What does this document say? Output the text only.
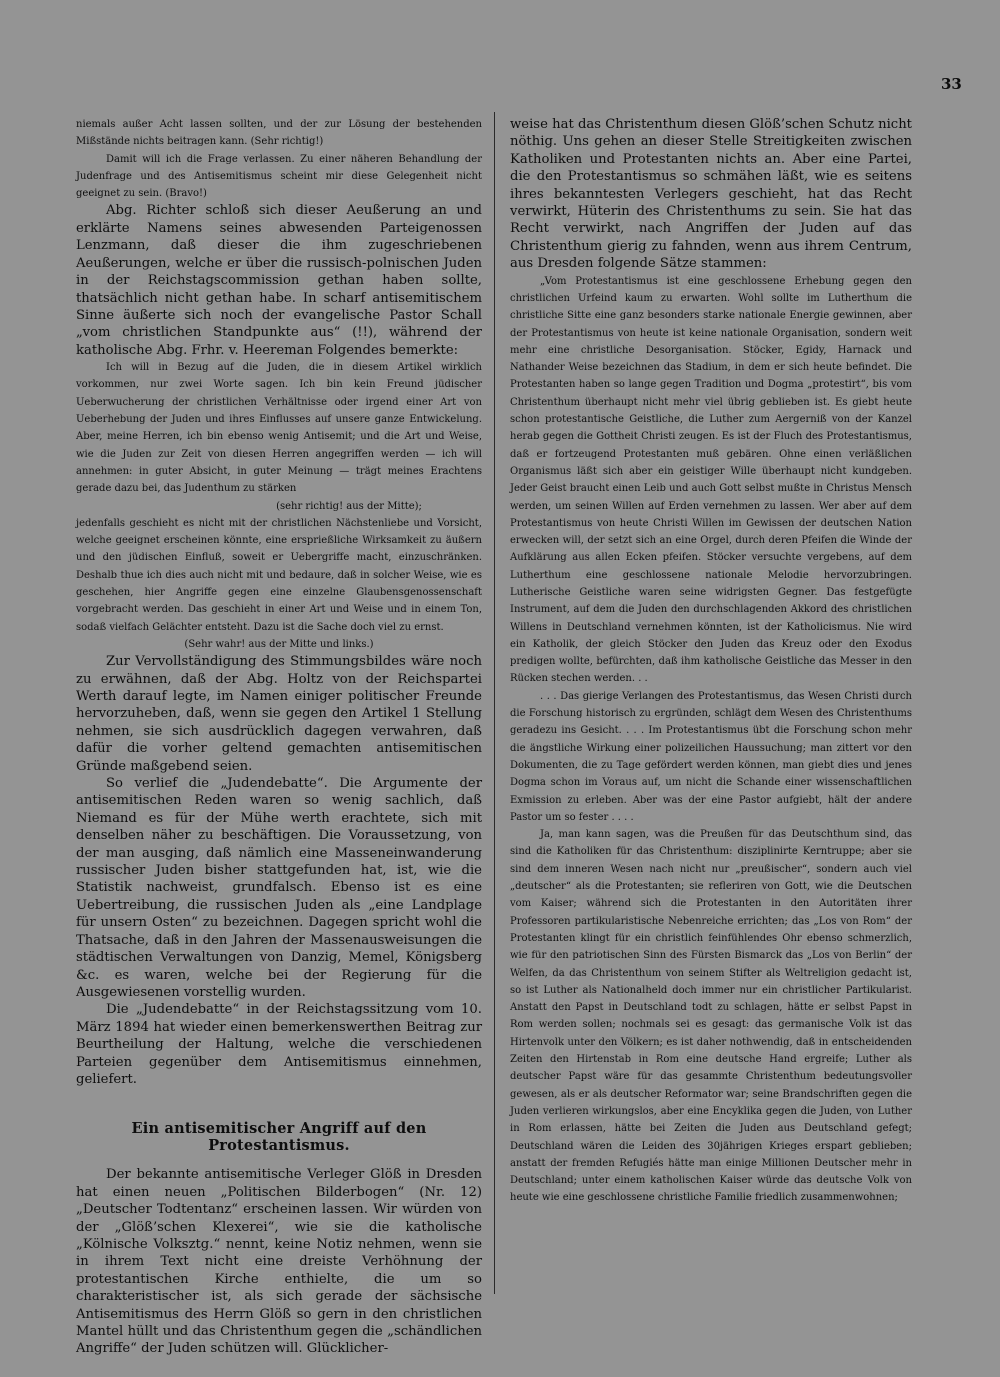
33

niemals außer Acht lassen sollten, und der zur Lösung der bestehenden Mißstände nichts beitragen kann. (Sehr richtig!)

Damit will ich die Frage verlassen. Zu einer näheren Behandlung der Judenfrage und des Antisemitismus scheint mir diese Gelegenheit nicht geeignet zu sein. (Bravo!)

Abg. Richter schloß sich dieser Aeußerung an und erklärte Namens seines abwesenden Parteigenossen Lenzmann, daß dieser die ihm zugeschriebenen Aeußerungen, welche er über die russisch-polnischen Juden in der Reichstagscommission gethan haben sollte, thatsächlich nicht gethan habe. In scharf antisemitischem Sinne äußerte sich noch der evangelische Pastor Schall „vom christlichen Standpunkte aus“ (!!), während der katholische Abg. Frhr. v. Heereman Folgendes bemerkte:

Ich will in Bezug auf die Juden, die in diesem Artikel wirklich vorkommen, nur zwei Worte sagen. Ich bin kein Freund jüdischer Ueberwucherung der christlichen Verhältnisse oder irgend einer Art von Ueberhebung der Juden und ihres Einflusses auf unsere ganze Entwickelung. Aber, meine Herren, ich bin ebenso wenig Antisemit; und die Art und Weise, wie die Juden zur Zeit von diesen Herren angegriffen werden — ich will annehmen: in guter Absicht, in guter Meinung — trägt meines Erachtens gerade dazu bei, das Judenthum zu stärken

(sehr richtig! aus der Mitte);

jedenfalls geschieht es nicht mit der christlichen Nächstenliebe und Vorsicht, welche geeignet erscheinen könnte, eine ersprießliche Wirksamkeit zu äußern und den jüdischen Einfluß, soweit er Uebergriffe macht, einzuschränken. Deshalb thue ich dies auch nicht mit und bedaure, daß in solcher Weise, wie es geschehen, hier Angriffe gegen eine einzelne Glaubensgenossenschaft vorgebracht werden. Das geschieht in einer Art und Weise und in einem Ton, sodaß vielfach Gelächter entsteht. Dazu ist die Sache doch viel zu ernst.

(Sehr wahr! aus der Mitte und links.)

Zur Vervollständigung des Stimmungsbildes wäre noch zu erwähnen, daß der Abg. Holtz von der Reichspartei Werth darauf legte, im Namen einiger politischer Freunde hervorzuheben, daß, wenn sie gegen den Artikel 1 Stellung nehmen, sie sich ausdrücklich dagegen verwahren, daß dafür die vorher geltend gemachten antisemitischen Gründe maßgebend seien.

So verlief die „Judendebatte“. Die Argumente der antisemitischen Reden waren so wenig sachlich, daß Niemand es für der Mühe werth erachtete, sich mit denselben näher zu beschäftigen. Die Voraussetzung, von der man ausging, daß nämlich eine Masseneinwanderung russischer Juden bisher stattgefunden hat, ist, wie die Statistik nachweist, grundfalsch. Ebenso ist es eine Uebertreibung, die russischen Juden als „eine Landplage für unsern Osten“ zu bezeichnen. Dagegen spricht wohl die Thatsache, daß in den Jahren der Massenausweisungen die städtischen Verwaltungen von Danzig, Memel, Königsberg &c. es waren, welche bei der Regierung für die Ausgewiesenen vorstellig wurden.

Die „Judendebatte“ in der Reichstagssitzung vom 10. März 1894 hat wieder einen bemerkenswerthen Beitrag zur Beurtheilung der Haltung, welche die verschiedenen Parteien gegenüber dem Antisemitismus einnehmen, geliefert.

Ein antisemitischer Angriff auf den Protestantismus.

Der bekannte antisemitische Verleger Glöß in Dresden hat einen neuen „Politischen Bilderbogen“ (Nr. 12) „Deutscher Todtentanz“ erscheinen lassen. Wir würden von der „Glöß’schen Klexerei“, wie sie die katholische „Kölnische Volksztg.“ nennt, keine Notiz nehmen, wenn sie in ihrem Text nicht eine dreiste Verhöhnung der protestantischen Kirche enthielte, die um so charakteristischer ist, als sich gerade der sächsische Antisemitismus des Herrn Glöß so gern in den christlichen Mantel hüllt und das Christenthum gegen die „schändlichen Angriffe“ der Juden schützen will. Glücklicher-

weise hat das Christenthum diesen Glöß’schen Schutz nicht nöthig. Uns gehen an dieser Stelle Streitigkeiten zwischen Katholiken und Protestanten nichts an. Aber eine Partei, die den Protestantismus so schmähen läßt, wie es seitens ihres bekanntesten Verlegers geschieht, hat das Recht verwirkt, Hüterin des Christenthums zu sein. Sie hat das Recht verwirkt, nach Angriffen der Juden auf das Christenthum gierig zu fahnden, wenn aus ihrem Centrum, aus Dresden folgende Sätze stammen:

„Vom Protestantismus ist eine geschlossene Erhebung gegen den christlichen Urfeind kaum zu erwarten. Wohl sollte im Lutherthum die christliche Sitte eine ganz besonders starke nationale Energie gewinnen, aber der Protestantismus von heute ist keine nationale Organisation, sondern weit mehr eine christliche Desorganisation. Stöcker, Egidy, Harnack und Nathander Weise bezeichnen das Stadium, in dem er sich heute befindet. Die Protestanten haben so lange gegen Tradition und Dogma „protestirt“, bis vom Christenthum überhaupt nicht mehr viel übrig geblieben ist. Es giebt heute schon protestantische Geistliche, die Luther zum Aergerniß von der Kanzel herab gegen die Gottheit Christi zeugen. Es ist der Fluch des Protestantismus, daß er fortzeugend Protestanten muß gebären. Ohne einen verläßlichen Organismus läßt sich aber ein geistiger Wille überhaupt nicht kundgeben. Jeder Geist braucht einen Leib und auch Gott selbst mußte in Christus Mensch werden, um seinen Willen auf Erden vernehmen zu lassen. Wer aber auf dem Protestantismus von heute Christi Willen im Gewissen der deutschen Nation erwecken will, der setzt sich an eine Orgel, durch deren Pfeifen die Winde der Aufklärung aus allen Ecken pfeifen. Stöcker versuchte vergebens, auf dem Lutherthum eine geschlossene nationale Melodie hervorzubringen. Lutherische Geistliche waren seine widrigsten Gegner. Das festgefügte Instrument, auf dem die Juden den durchschlagenden Akkord des christlichen Willens in Deutschland vernehmen könnten, ist der Katholicismus. Nie wird ein Katholik, der gleich Stöcker den Juden das Kreuz oder den Exodus predigen wollte, befürchten, daß ihm katholische Geistliche das Messer in den Rücken stechen werden. . .

. . . Das gierige Verlangen des Protestantismus, das Wesen Christi durch die Forschung historisch zu ergründen, schlägt dem Wesen des Christenthums geradezu ins Gesicht. . . . Im Protestantismus übt die Forschung schon mehr die ängstliche Wirkung einer polizeilichen Haussuchung; man zittert vor den Dokumenten, die zu Tage gefördert werden können, man giebt dies und jenes Dogma schon im Voraus auf, um nicht die Schande einer wissenschaftlichen Exmission zu erleben. Aber was der eine Pastor aufgiebt, hält der andere Pastor um so fester . . . .

Ja, man kann sagen, was die Preußen für das Deutschthum sind, das sind die Katholiken für das Christenthum: disziplinirte Kerntruppe; aber sie sind dem inneren Wesen nach nicht nur „preußischer“, sondern auch viel „deutscher“ als die Protestanten; sie refleriren von Gott, wie die Deutschen vom Kaiser; während sich die Protestanten in den Autoritäten ihrer Professoren partikularistische Nebenreiche errichten; das „Los von Rom“ der Protestanten klingt für ein christlich feinfühlendes Ohr ebenso schmerzlich, wie für den patriotischen Sinn des Fürsten Bismarck das „Los von Berlin“ der Welfen, da das Christenthum von seinem Stifter als Weltreligion gedacht ist, so ist Luther als Nationalheld doch immer nur ein christlicher Partikularist. Anstatt den Papst in Deutschland todt zu schlagen, hätte er selbst Papst in Rom werden sollen; nochmals sei es gesagt: das germanische Volk ist das Hirtenvolk unter den Völkern; es ist daher nothwendig, daß in entscheidenden Zeiten den Hirtenstab in Rom eine deutsche Hand ergreife; Luther als deutscher Papst wäre für das gesammte Christenthum bedeutungsvoller gewesen, als er als deutscher Reformator war; seine Brandschriften gegen die Juden verlieren wirkungslos, aber eine Encyklika gegen die Juden, von Luther in Rom erlassen, hätte bei Zeiten die Juden aus Deutschland gefegt; Deutschland wären die Leiden des 30jährigen Krieges erspart geblieben; anstatt der fremden Refugiés hätte man einige Millionen Deutscher mehr in Deutschland; unter einem katholischen Kaiser würde das deutsche Volk von heute wie eine geschlossene christliche Familie friedlich zusammenwohnen;
